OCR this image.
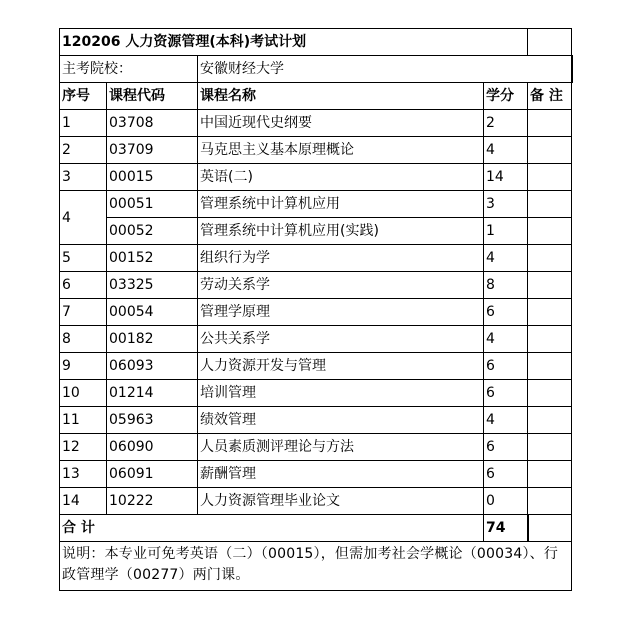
120206 人力资源管理(本科)考试计划				
主考院校：		安徽财经大学		
序号	课程代码	课程名称	学分	备 注
1	03708	中国近现代史纲要	2	
2	03709	马克思主义基本原理概论	4	
3	00015	英语(二)	14	
4	00051	管理系统中计算机应用	3	
	00052	管理系统中计算机应用(实践)	1	
5	00152	组织行为学	4	
6	03325	劳动关系学	8	
7	00054	管理学原理	6	
8	00182	公共关系学	4	
9	06093	人力资源开发与管理	6	
10	01214	培训管理	6	
11	05963	绩效管理	4	
12	06090	人员素质测评理论与方法	6	
13	06091	薪酬管理	6	
14	10222	人力资源管理毕业论文	0	
合 计			74	
说明：本专业可免考英语（二）（00015），但需加考社会学概论（00034）、行政管理学（00277）两门课。				
